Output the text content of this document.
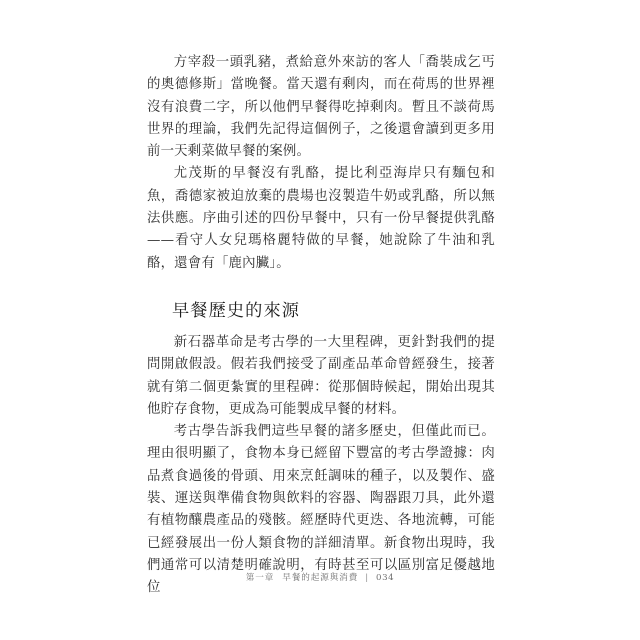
方宰殺一頭乳豬，煮給意外來訪的客人「喬裝成乞丐的奧德修斯」當晚餐。當天還有剩肉，而在荷馬的世界裡沒有浪費二字，所以他們早餐得吃掉剩肉。暫且不談荷馬世界的理論，我們先記得這個例子，之後還會讀到更多用前一天剩菜做早餐的案例。

尤茂斯的早餐沒有乳酪，提比利亞海岸只有麵包和魚，喬德家被迫放棄的農場也沒製造牛奶或乳酪，所以無法供應。序曲引述的四份早餐中，只有一份早餐提供乳酪——看守人女兒瑪格麗特做的早餐，她說除了牛油和乳酪，還會有「鹿內臟」。

早餐歷史的來源

新石器革命是考古學的一大里程碑，更針對我們的提問開啟假設。假若我們接受了副產品革命曾經發生，接著就有第二個更紮實的里程碑：從那個時候起，開始出現其他貯存食物，更成為可能製成早餐的材料。

考古學告訴我們這些早餐的諸多歷史，但僅此而已。理由很明顯了，食物本身已經留下豐富的考古學證據：肉品煮食過後的骨頭、用來烹飪調味的種子，以及製作、盛裝、運送與準備食物與飲料的容器、陶器跟刀具，此外還有植物釀農產品的殘骸。經歷時代更迭、各地流轉，可能已經發展出一份人類食物的詳細清單。新食物出現時，我們通常可以清楚明確說明，有時甚至可以區別富足優越地位

第一章 早餐的起源與消費 | 034
